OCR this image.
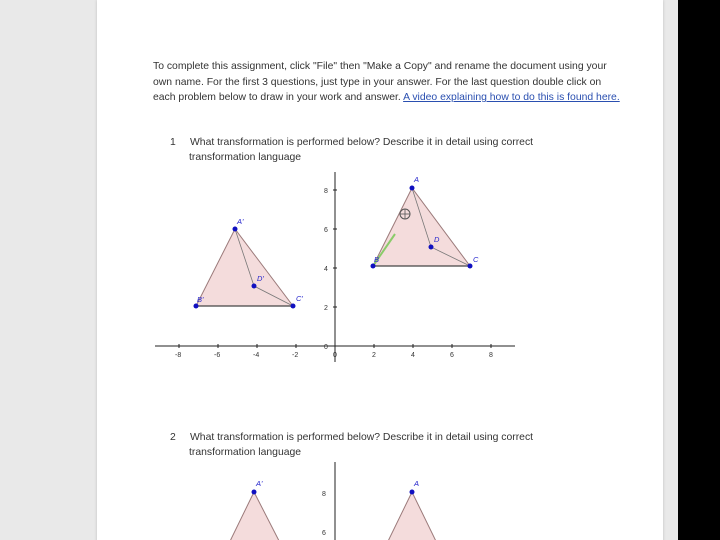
To complete this assignment, click "File" then "Make a Copy" and rename the document using your own name. For the first 3 questions, just type in your answer. For the last question double click on each problem below to draw in your work and answer. A video explaining how to do this is found here.
1 What transformation is performed below? Describe it in detail using correct
transformation language
-8	-6	-4	-2	0	2	4	6	8
8
6
4
2
0
A'
B'	C'
D'
A
B	C
D
2 What transformation is performed below? Describe it in detail using correct
transformation language
8
6
A'	A
